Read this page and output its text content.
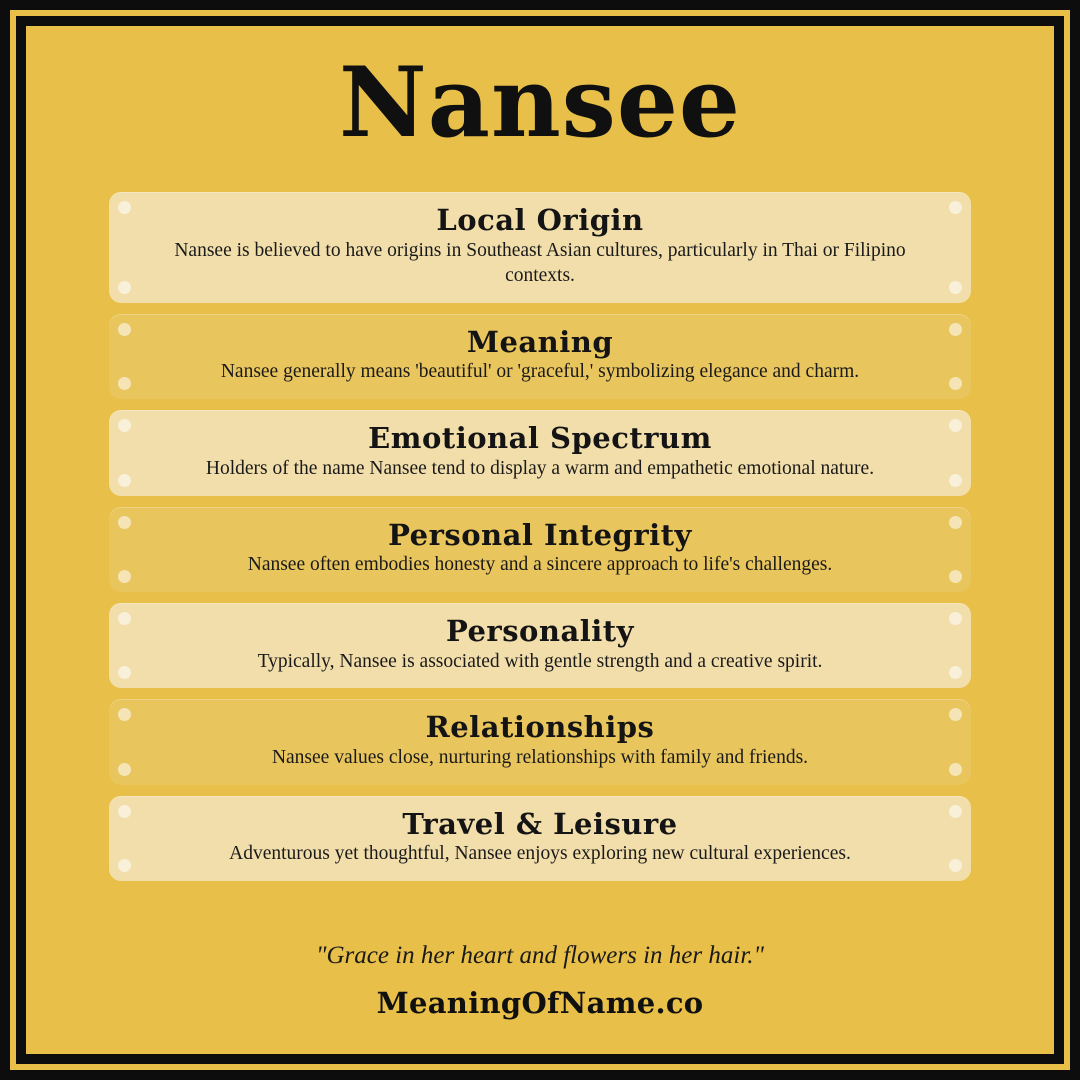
Nansee
Local Origin
Nansee is believed to have origins in Southeast Asian cultures, particularly in Thai or Filipino contexts.
Meaning
Nansee generally means 'beautiful' or 'graceful,' symbolizing elegance and charm.
Emotional Spectrum
Holders of the name Nansee tend to display a warm and empathetic emotional nature.
Personal Integrity
Nansee often embodies honesty and a sincere approach to life's challenges.
Personality
Typically, Nansee is associated with gentle strength and a creative spirit.
Relationships
Nansee values close, nurturing relationships with family and friends.
Travel & Leisure
Adventurous yet thoughtful, Nansee enjoys exploring new cultural experiences.
"Grace in her heart and flowers in her hair."
MeaningOfName.co
